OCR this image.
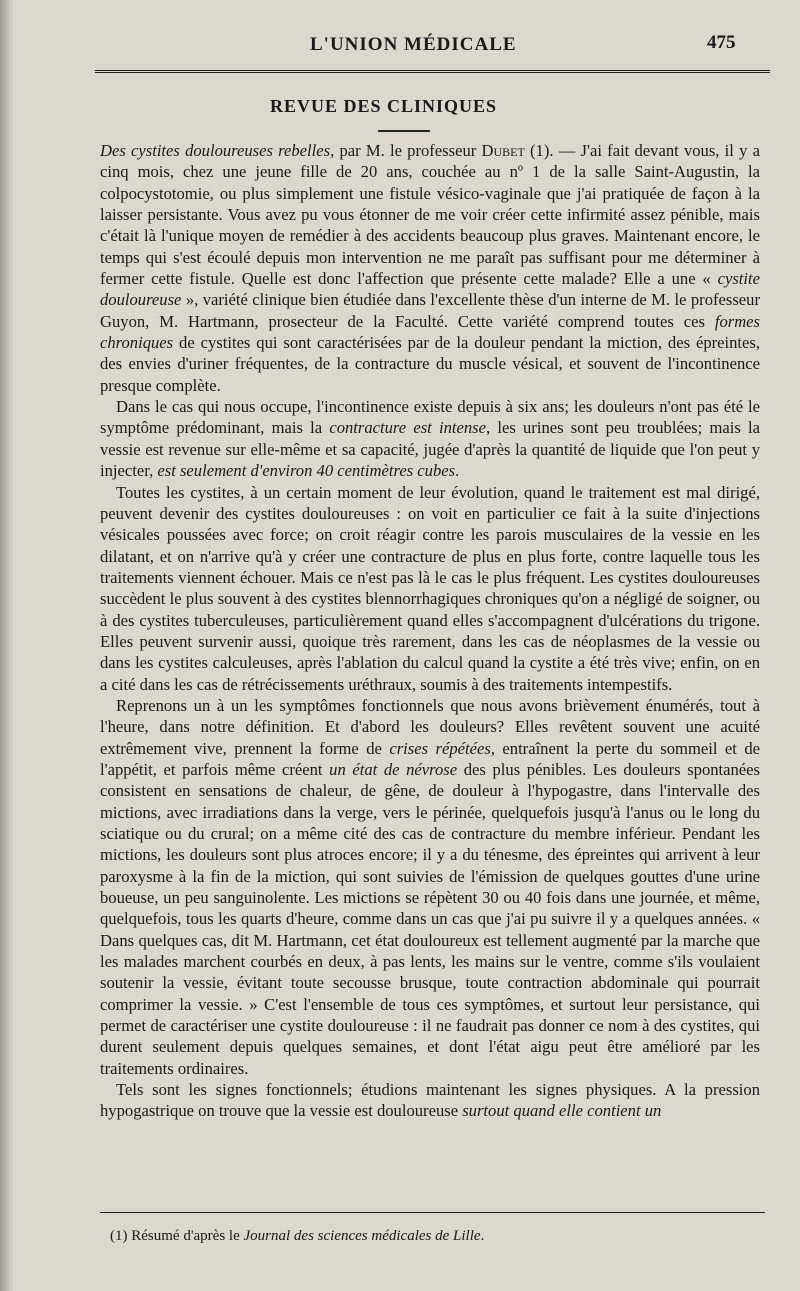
L'UNION MÉDICALE	475
REVUE DES CLINIQUES

Des cystites douloureuses rebelles, par M. le professeur Dubet (1). — J'ai fait devant vous, il y a cinq mois, chez une jeune fille de 20 ans, couchée au nº 1 de la salle Saint-Augustin, la colpocystotomie, ou plus simplement une fistule vésico-vaginale que j'ai pratiquée de façon à la laisser persistante. Vous avez pu vous étonner de me voir créer cette infirmité assez pénible, mais c'était là l'unique moyen de remédier à des accidents beaucoup plus graves. Maintenant encore, le temps qui s'est écoulé depuis mon intervention ne me paraît pas suffisant pour me déterminer à fermer cette fistule. Quelle est donc l'affection que présente cette malade? Elle a une « cystite douloureuse », variété clinique bien étudiée dans l'excellente thèse d'un interne de M. le professeur Guyon, M. Hartmann, prosecteur de la Faculté. Cette variété comprend toutes ces formes chroniques de cystites qui sont caractérisées par de la douleur pendant la miction, des épreintes, des envies d'uriner fréquentes, de la contracture du muscle vésical, et souvent de l'incontinence presque complète.

Dans le cas qui nous occupe, l'incontinence existe depuis à six ans; les douleurs n'ont pas été le symptôme prédominant, mais la contracture est intense, les urines sont peu troublées; mais la vessie est revenue sur elle-même et sa capacité, jugée d'après la quantité de liquide que l'on peut y injecter, est seulement d'environ 40 centimètres cubes.

Toutes les cystites, à un certain moment de leur évolution, quand le traitement est mal dirigé, peuvent devenir des cystites douloureuses : on voit en particulier ce fait à la suite d'injections vésicales poussées avec force; on croit réagir contre les parois musculaires de la vessie en les dilatant, et on n'arrive qu'à y créer une contracture de plus en plus forte, contre laquelle tous les traitements viennent échouer. Mais ce n'est pas là le cas le plus fréquent. Les cystites douloureuses succèdent le plus souvent à des cystites blennorrhagiques chroniques qu'on a négligé de soigner, ou à des cystites tuberculeuses, particulièrement quand elles s'accompagnent d'ulcérations du trigone. Elles peuvent survenir aussi, quoique très rarement, dans les cas de néoplasmes de la vessie ou dans les cystites calculeuses, après l'ablation du calcul quand la cystite a été très vive; enfin, on en a cité dans les cas de rétrécissements uréthraux, soumis à des traitements intempestifs.

Reprenons un à un les symptômes fonctionnels que nous avons brièvement énumérés, tout à l'heure, dans notre définition. Et d'abord les douleurs? Elles revêtent souvent une acuité extrêmement vive, prennent la forme de crises répétées, entraînent la perte du sommeil et de l'appétit, et parfois même créent un état de névrose des plus pénibles. Les douleurs spontanées consistent en sensations de chaleur, de gêne, de douleur à l'hypogastre, dans l'intervalle des mictions, avec irradiations dans la verge, vers le périnée, quelquefois jusqu'à l'anus ou le long du sciatique ou du crural; on a même cité des cas de contracture du membre inférieur. Pendant les mictions, les douleurs sont plus atroces encore; il y a du ténesme, des épreintes qui arrivent à leur paroxysme à la fin de la miction, qui sont suivies de l'émission de quelques gouttes d'une urine boueuse, un peu sanguinolente. Les mictions se répètent 30 ou 40 fois dans une journée, et même, quelquefois, tous les quarts d'heure, comme dans un cas que j'ai pu suivre il y a quelques années. « Dans quelques cas, dit M. Hartmann, cet état douloureux est tellement augmenté par la marche que les malades marchent courbés en deux, à pas lents, les mains sur le ventre, comme s'ils voulaient soutenir la vessie, évitant toute secousse brusque, toute contraction abdominale qui pourrait comprimer la vessie. » C'est l'ensemble de tous ces symptômes, et surtout leur persistance, qui permet de caractériser une cystite douloureuse : il ne faudrait pas donner ce nom à des cystites, qui durent seulement depuis quelques semaines, et dont l'état aigu peut être amélioré par les traitements ordinaires.

Tels sont les signes fonctionnels; étudions maintenant les signes physiques. A la pression hypogastrique on trouve que la vessie est douloureuse surtout quand elle contient un

(1) Résumé d'après le Journal des sciences médicales de Lille.
